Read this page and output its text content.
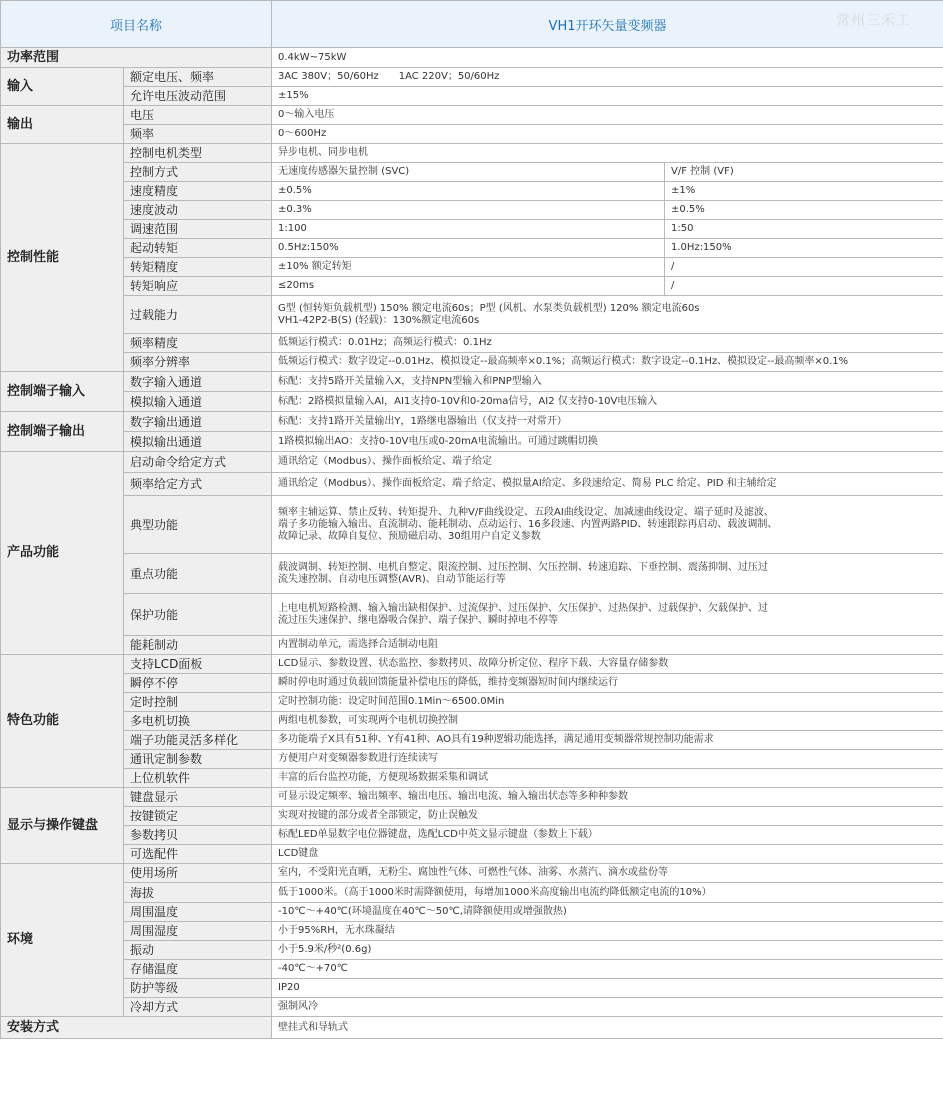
常州三禾工
项目名称		VH1开环矢量变频器	
功率范围		0.4kW~75kW	
输入	额定电压、频率	3AC 380V；50/60Hz　　1AC 220V；50/60Hz	
	允许电压波动范围	±15%	
输出	电压	0～输入电压	
	频率	0～600Hz	
控制性能	控制电机类型	异步电机、同步电机	
	控制方式	无速度传感器矢量控制 (SVC)	V/F 控制 (VF)
	速度精度	±0.5%	±1%
	速度波动	±0.3%	±0.5%
	调速范围	1:100	1:50
	起动转矩	0.5Hz:150%	1.0Hz:150%
	转矩精度	±10% 额定转矩	/
	转矩响应	≤20ms	/
	过载能力	G型 (恒转矩负载机型) 150% 额定电流60s；P型 (风机、水泵类负载机型) 120% 额定电流60s
VH1-42P2-B(S) (轻载)：130%额定电流60s	
	频率精度	低频运行模式：0.01Hz；高频运行模式：0.1Hz	
	频率分辨率	低频运行模式：数字设定--0.01Hz、模拟设定--最高频率×0.1%；高频运行模式：数字设定--0.1Hz、模拟设定--最高频率×0.1%	
控制端子输入	数字输入通道	标配：支持5路开关量输入X，支持NPN型输入和PNP型输入	
	模拟输入通道	标配：2路模拟量输入AI，AI1支持0-10V和0-20ma信号，AI2 仅支持0-10V电压输入	
控制端子输出	数字输出通道	标配：支持1路开关量输出Y，1路继电器输出（仅支持一对常开）	
	模拟输出通道	1路模拟输出AO：支持0-10V电压或0-20mA电流输出。可通过跳帽切换	
产品功能	启动命令给定方式	通讯给定（Modbus）、操作面板给定、端子给定	
	频率给定方式	通讯给定（Modbus）、操作面板给定、端子给定、模拟量AI给定、多段速给定、简易 PLC 给定、PID 和主辅给定	
	典型功能	频率主辅运算、禁止反转、转矩提升、九种V/F曲线设定、五段AI曲线设定、加减速曲线设定、端子延时及滤波、
端子多功能输入输出、直流制动、能耗制动、点动运行、16多段速、内置两路PID、转速跟踪再启动、载波调制、
故障记录、故障自复位、预励磁启动、30组用户自定义参数	
	重点功能	载波调制、转矩控制、电机自整定、限流控制、过压控制、欠压控制、转速追踪、下垂控制、震荡抑制、过压过
流失速控制、自动电压调整(AVR)、自动节能运行等	
	保护功能	上电电机短路检测、输入输出缺相保护、过流保护、过压保护、欠压保护、过热保护、过载保护、欠载保护、过
流过压失速保护、继电器吸合保护、端子保护、瞬时掉电不停等	
	能耗制动	内置制动单元，需选择合适制动电阻	
特色功能	支持LCD面板	LCD显示、参数设置、状态监控、参数拷贝、故障分析定位、程序下载、大容量存储参数	
	瞬停不停	瞬时停电时通过负载回馈能量补偿电压的降低，维持变频器短时间内继续运行	
	定时控制	定时控制功能：设定时间范围0.1Min～6500.0Min	
	多电机切换	两组电机参数，可实现两个电机切换控制	
	端子功能灵活多样化	多功能端子X具有51种、Y有41种、AO具有19种逻辑功能选择，满足通用变频器常规控制功能需求	
	通讯定制参数	方便用户对变频器参数进行连续读写	
	上位机软件	丰富的后台监控功能，方便现场数据采集和调试	
显示与操作键盘	键盘显示	可显示设定频率、输出频率、输出电压、输出电流、输入输出状态等多种种参数	
	按键锁定	实现对按键的部分或者全部锁定，防止误触发	
	参数拷贝	标配LED单显数字电位器键盘，选配LCD中英文显示键盘（参数上下载）	
	可选配件	LCD键盘	
环境	使用场所	室内，不受阳光直晒，无粉尘、腐蚀性气体、可燃性气体、油雾、水蒸汽、滴水或盐份等	
	海拔	低于1000米。（高于1000米时需降额使用，每增加1000米高度输出电流约降低额定电流的10%）	
	周围温度	-10℃～+40℃(环境温度在40℃～50℃,请降额使用或增强散热)	
	周围湿度	小于95%RH，无水珠凝结	
	振动	小于5.9米/秒²(0.6g)	
	存储温度	-40℃～+70℃	
	防护等级	IP20	
	冷却方式	强制风冷	
安装方式		壁挂式和导轨式	
